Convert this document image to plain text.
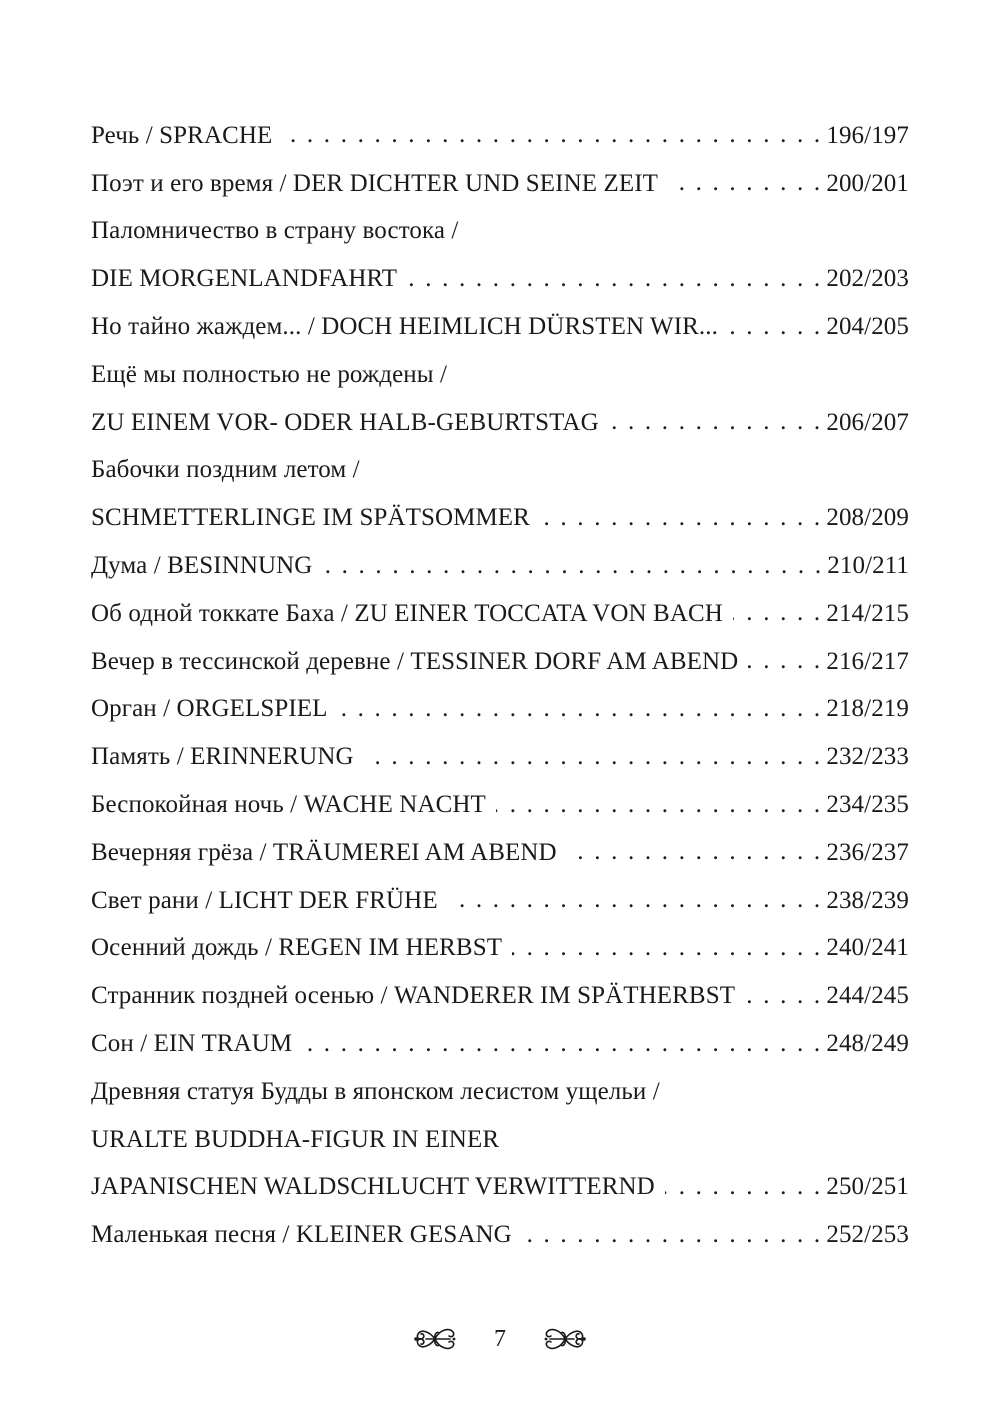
Речь / SPRACHE . . .	196/197
Поэт и его время / DER DICHTER UND SEINE ZEIT . . .	200/201
Паломничество в страну востока /
DIE MORGENLANDFAHRT . . .	202/203
Но тайно жаждем... / DOCH HEIMLICH DÜRSTEN WIR... . . .	204/205
Ещё мы полностью не рождены /
ZU EINEM VOR- ODER HALB-GEBURTSTAG . . .	206/207
Бабочки поздним летом /
SCHMETTERLINGE IM SPÄTSOMMER . . .	208/209
Дума / BESINNUNG . . .	210/211
Об одной токкате Баха / ZU EINER TOCCATA VON BACH . . .	214/215
Вечер в тессинской деревне / TESSINER DORF AM ABEND . . .	216/217
Орган / ORGELSPIEL . . .	218/219
Память / ERINNERUNG . . .	232/233
Беспокойная ночь / WACHE NACHT . . .	234/235
Вечерняя грёза / TRÄUMEREI AM ABEND . . .	236/237
Свет рани / LICHT DER FRÜHE . . .	238/239
Осенний дождь / REGEN IM HERBST . . .	240/241
Странник поздней осенью / WANDERER IM SPÄTHERBST . . .	244/245
Сон / EIN TRAUM . . .	248/249
Древняя статуя Будды в японском лесистом ущельи /
URALTE BUDDHA-FIGUR IN EINER
JAPANISCHEN WALDSCHLUCHT VERWITTERND . . .	250/251
Маленькая песня / KLEINER GESANG . . .	252/253
7
